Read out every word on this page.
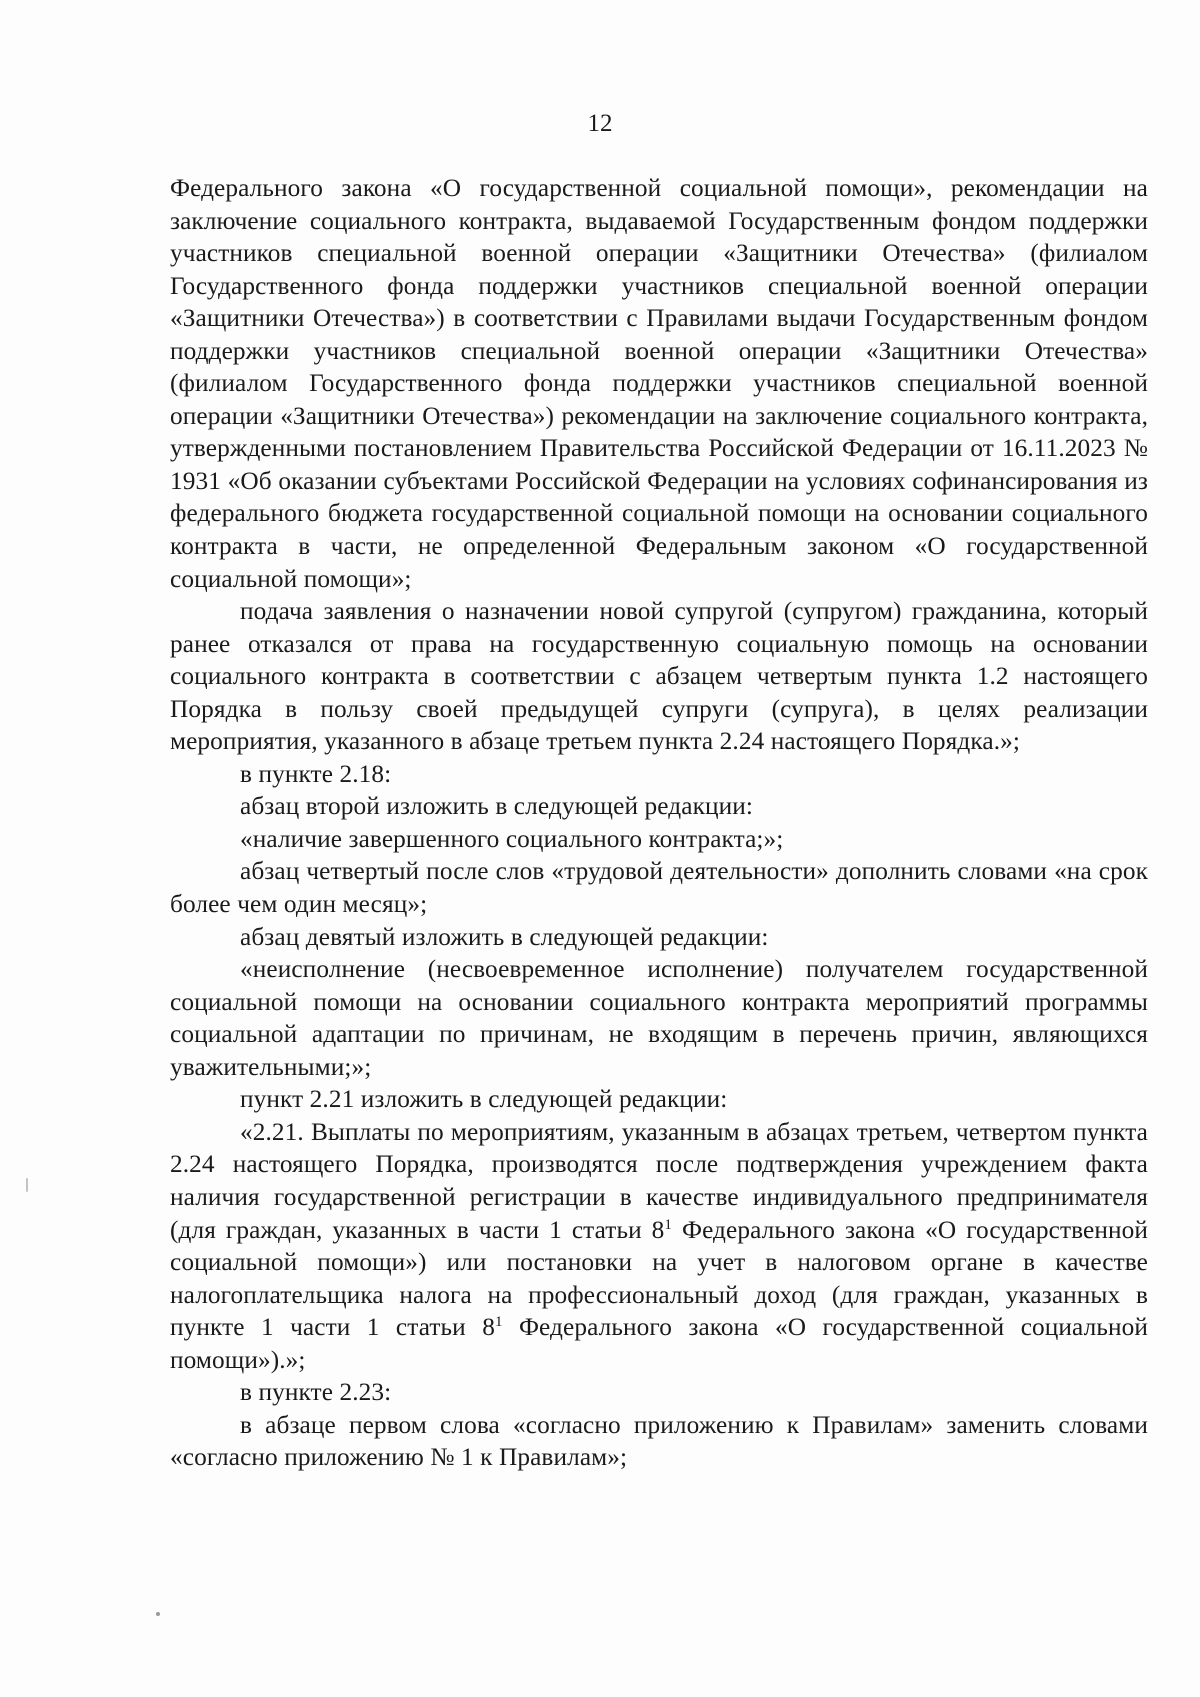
12

Федерального закона «О государственной социальной помощи», рекомендации на заключение социального контракта, выдаваемой Государственным фондом поддержки участников специальной военной операции «Защитники Отечества» (филиалом Государственного фонда поддержки участников специальной военной операции «Защитники Отечества») в соответствии с Правилами выдачи Государственным фондом поддержки участников специальной военной операции «Защитники Отечества» (филиалом Государственного фонда поддержки участников специальной военной операции «Защитники Отечества») рекомендации на заключение социального контракта, утвержденными постановлением Правительства Российской Федерации от 16.11.2023 № 1931 «Об оказании субъектами Российской Федерации на условиях софинансирования из федерального бюджета государственной социальной помощи на основании социального контракта в части, не определенной Федеральным законом «О государственной социальной помощи»;

подача заявления о назначении новой супругой (супругом) гражданина, который ранее отказался от права на государственную социальную помощь на основании социального контракта в соответствии с абзацем четвертым пункта 1.2 настоящего Порядка в пользу своей предыдущей супруги (супруга), в целях реализации мероприятия, указанного в абзаце третьем пункта 2.24 настоящего Порядка.»;

в пункте 2.18:

абзац второй изложить в следующей редакции:

«наличие завершенного социального контракта;»;

абзац четвертый после слов «трудовой деятельности» дополнить словами «на срок более чем один месяц»;

абзац девятый изложить в следующей редакции:

«неисполнение (несвоевременное исполнение) получателем государственной социальной помощи на основании социального контракта мероприятий программы социальной адаптации по причинам, не входящим в перечень причин, являющихся уважительными;»;

пункт 2.21 изложить в следующей редакции:

«2.21. Выплаты по мероприятиям, указанным в абзацах третьем, четвертом пункта 2.24 настоящего Порядка, производятся после подтверждения учреждением факта наличия государственной регистрации в качестве индивидуального предпринимателя (для граждан, указанных в части 1 статьи $8^1$ Федерального закона «О государственной социальной помощи») или постановки на учет в налоговом органе в качестве налогоплательщика налога на профессиональный доход (для граждан, указанных в пункте 1 части 1 статьи $8^1$ Федерального закона «О государственной социальной помощи»).»;

в пункте 2.23:

в абзаце первом слова «согласно приложению к Правилам» заменить словами «согласно приложению № 1 к Правилам»;
